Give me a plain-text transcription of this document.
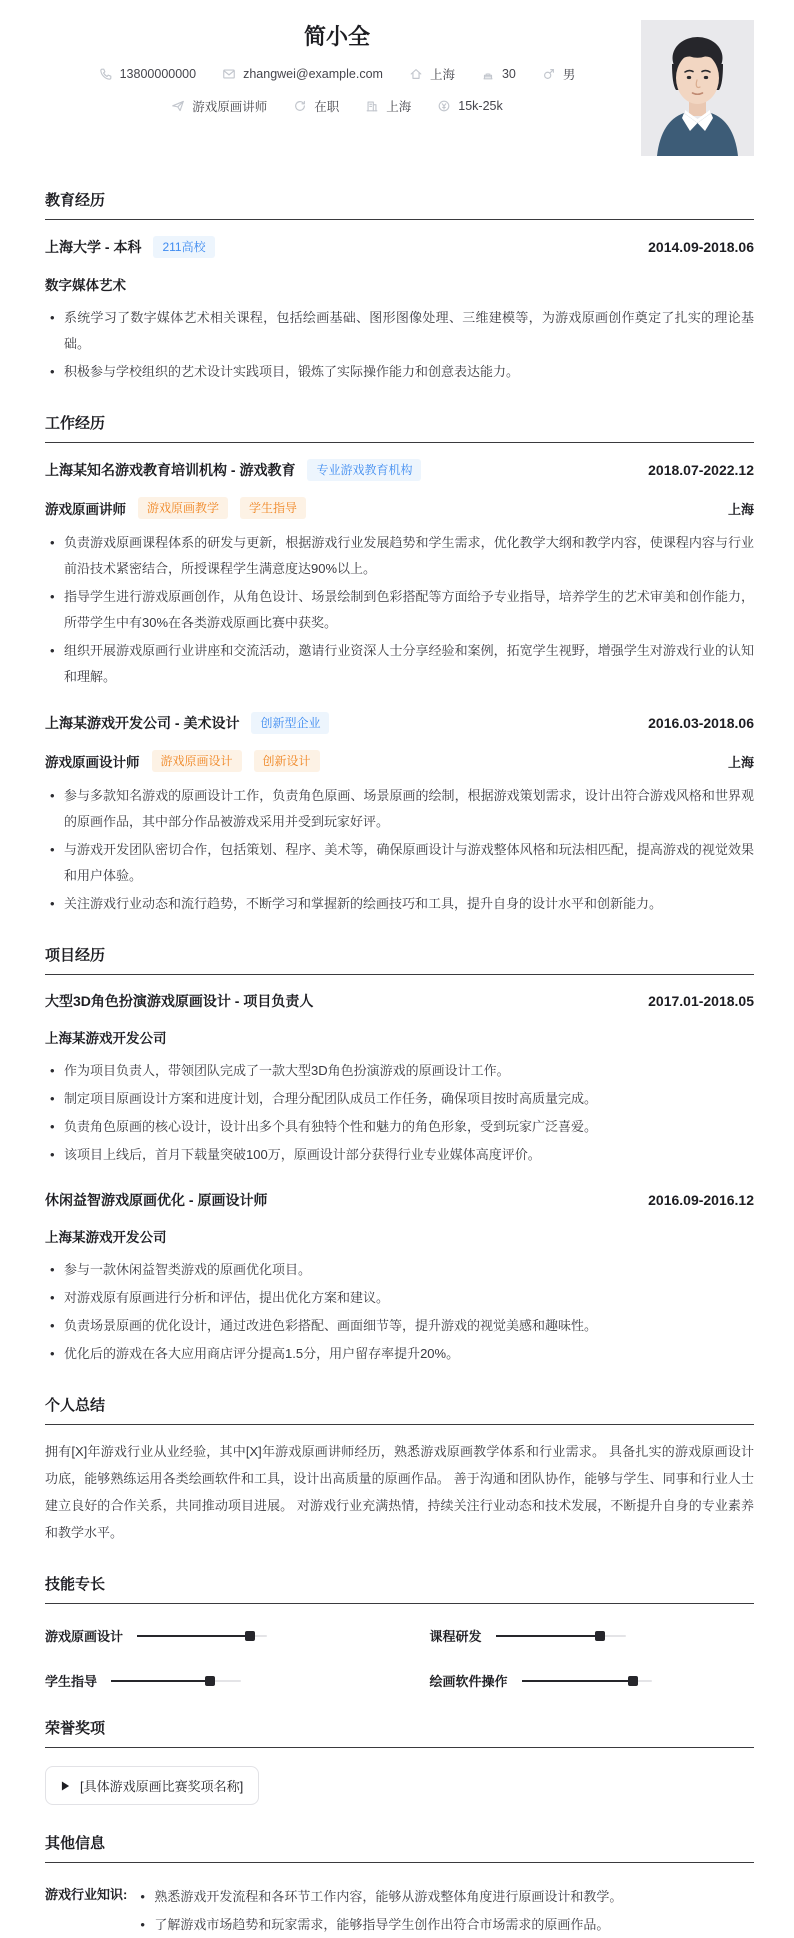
简小全
13800000000	zhangwei@example.com	上海	30	男
游戏原画讲师	在职	上海	15k-25k
教育经历
上海大学 - 本科	211高校	2014.09-2018.06
数字媒体艺术
• 系统学习了数字媒体艺术相关课程，包括绘画基础、图形图像处理、三维建模等，为游戏原画创作奠定了扎实的理论基础。
• 积极参与学校组织的艺术设计实践项目，锻炼了实际操作能力和创意表达能力。
工作经历
上海某知名游戏教育培训机构 - 游戏教育	专业游戏教育机构	2018.07-2022.12
游戏原画讲师	游戏原画教学	学生指导	上海
• 负责游戏原画课程体系的研发与更新，根据游戏行业发展趋势和学生需求，优化教学大纲和教学内容，使课程内容与行业前沿技术紧密结合，所授课程学生满意度达90%以上。
• 指导学生进行游戏原画创作，从角色设计、场景绘制到色彩搭配等方面给予专业指导，培养学生的艺术审美和创作能力，所带学生中有30%在各类游戏原画比赛中获奖。
• 组织开展游戏原画行业讲座和交流活动，邀请行业资深人士分享经验和案例，拓宽学生视野，增强学生对游戏行业的认知和理解。
上海某游戏开发公司 - 美术设计	创新型企业	2016.03-2018.06
游戏原画设计师	游戏原画设计	创新设计	上海
• 参与多款知名游戏的原画设计工作，负责角色原画、场景原画的绘制，根据游戏策划需求，设计出符合游戏风格和世界观的原画作品，其中部分作品被游戏采用并受到玩家好评。
• 与游戏开发团队密切合作，包括策划、程序、美术等，确保原画设计与游戏整体风格和玩法相匹配，提高游戏的视觉效果和用户体验。
• 关注游戏行业动态和流行趋势，不断学习和掌握新的绘画技巧和工具，提升自身的设计水平和创新能力。
项目经历
大型3D角色扮演游戏原画设计 - 项目负责人	2017.01-2018.05
上海某游戏开发公司
• 作为项目负责人，带领团队完成了一款大型3D角色扮演游戏的原画设计工作。
• 制定项目原画设计方案和进度计划，合理分配团队成员工作任务，确保项目按时高质量完成。
• 负责角色原画的核心设计，设计出多个具有独特个性和魅力的角色形象，受到玩家广泛喜爱。
• 该项目上线后，首月下载量突破100万，原画设计部分获得行业专业媒体高度评价。
休闲益智游戏原画优化 - 原画设计师	2016.09-2016.12
上海某游戏开发公司
• 参与一款休闲益智类游戏的原画优化项目。
• 对游戏原有原画进行分析和评估，提出优化方案和建议。
• 负责场景原画的优化设计，通过改进色彩搭配、画面细节等，提升游戏的视觉美感和趣味性。
• 优化后的游戏在各大应用商店评分提高1.5分，用户留存率提升20%。
个人总结

拥有[X]年游戏行业从业经验，其中[X]年游戏原画讲师经历，熟悉游戏原画教学体系和行业需求。 具备扎实的游戏原画设计功底，能够熟练运用各类绘画软件和工具，设计出高质量的原画作品。 善于沟通和团队协作，能够与学生、同事和行业人士建立良好的合作关系，共同推动项目进展。 对游戏行业充满热情，持续关注行业动态和技术发展，不断提升自身的专业素养和教学水平。

技能专长
游戏原画设计	课程研发
学生指导	绘画软件操作
荣誉奖项
[具体游戏原画比赛奖项名称]
其他信息
游戏行业知识:	• 熟悉游戏开发流程和各环节工作内容，能够从游戏整体角度进行原画设计和教学。
• 了解游戏市场趋势和玩家需求，能够指导学生创作出符合市场需求的原画作品。
